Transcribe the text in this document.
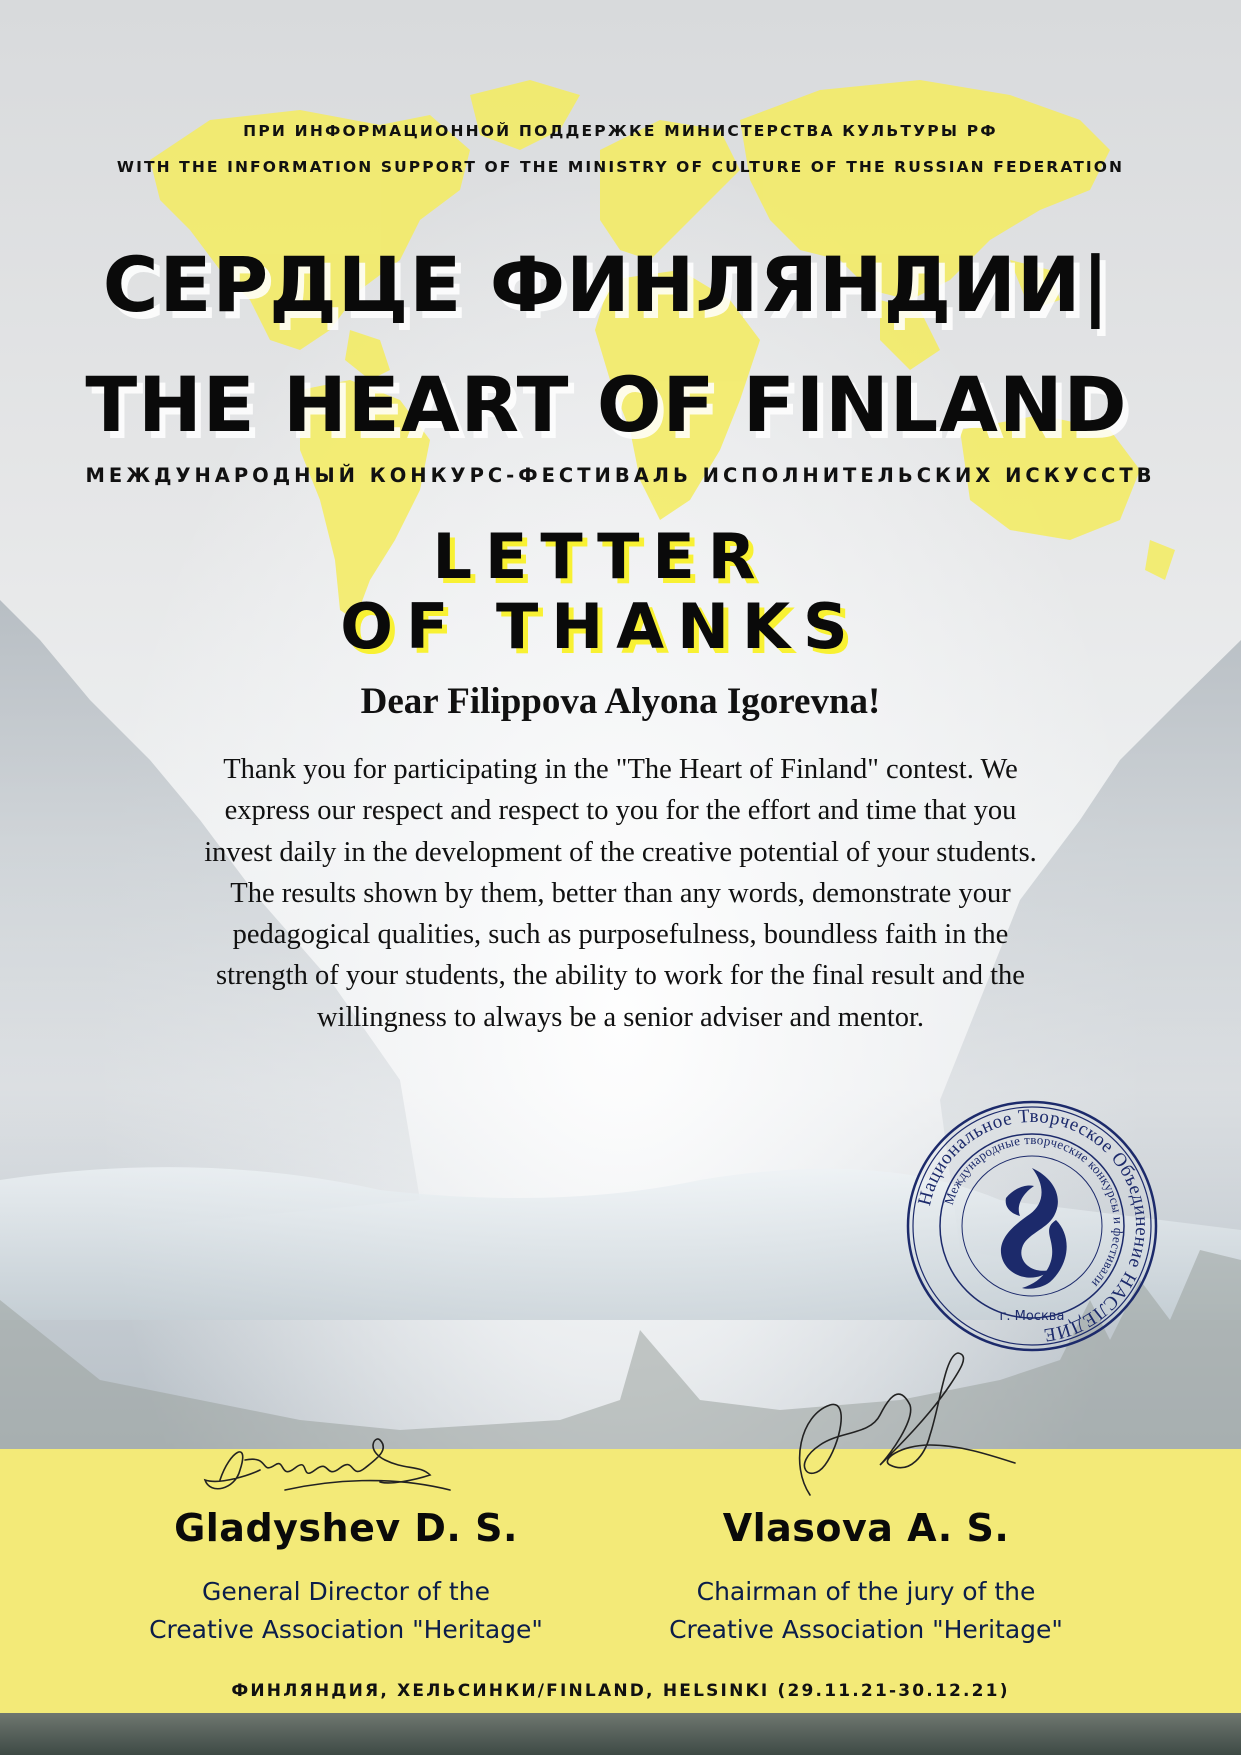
ПРИ ИНФОРМАЦИОННОЙ ПОДДЕРЖКЕ МИНИСТЕРСТВА КУЛЬТУРЫ РФ
WITH THE INFORMATION SUPPORT OF THE MINISTRY OF CULTURE OF THE RUSSIAN FEDERATION
СЕРДЦЕ ФИНЛЯНДИИ|
THE HEART OF FINLAND
МЕЖДУНАРОДНЫЙ КОНКУРС-ФЕСТИВАЛЬ ИСПОЛНИТЕЛЬСКИХ ИСКУССТВ
LETTER
OF THANKS
Dear Filippova Alyona Igorevna!
Thank you for participating in the "The Heart of Finland" contest. We
express our respect and respect to you for the effort and time that you
invest daily in the development of the creative potential of your students.
The results shown by them, better than any words, demonstrate your
pedagogical qualities, such as purposefulness, boundless faith in the
strength of your students, the ability to work for the final result and the
willingness to always be a senior adviser and mentor.
Национальное Творческое Объединение НАСЛЕДИЕ
Международные творческие конкурсы и фестивали
г. Москва
Gladyshev D. S.
General Director of the
Creative Association "Heritage"
Vlasova A. S.
Chairman of the jury of the
Creative Association "Heritage"
ФИНЛЯНДИЯ, ХЕЛЬСИНКИ/FINLAND, HELSINKI (29.11.21-30.12.21)
